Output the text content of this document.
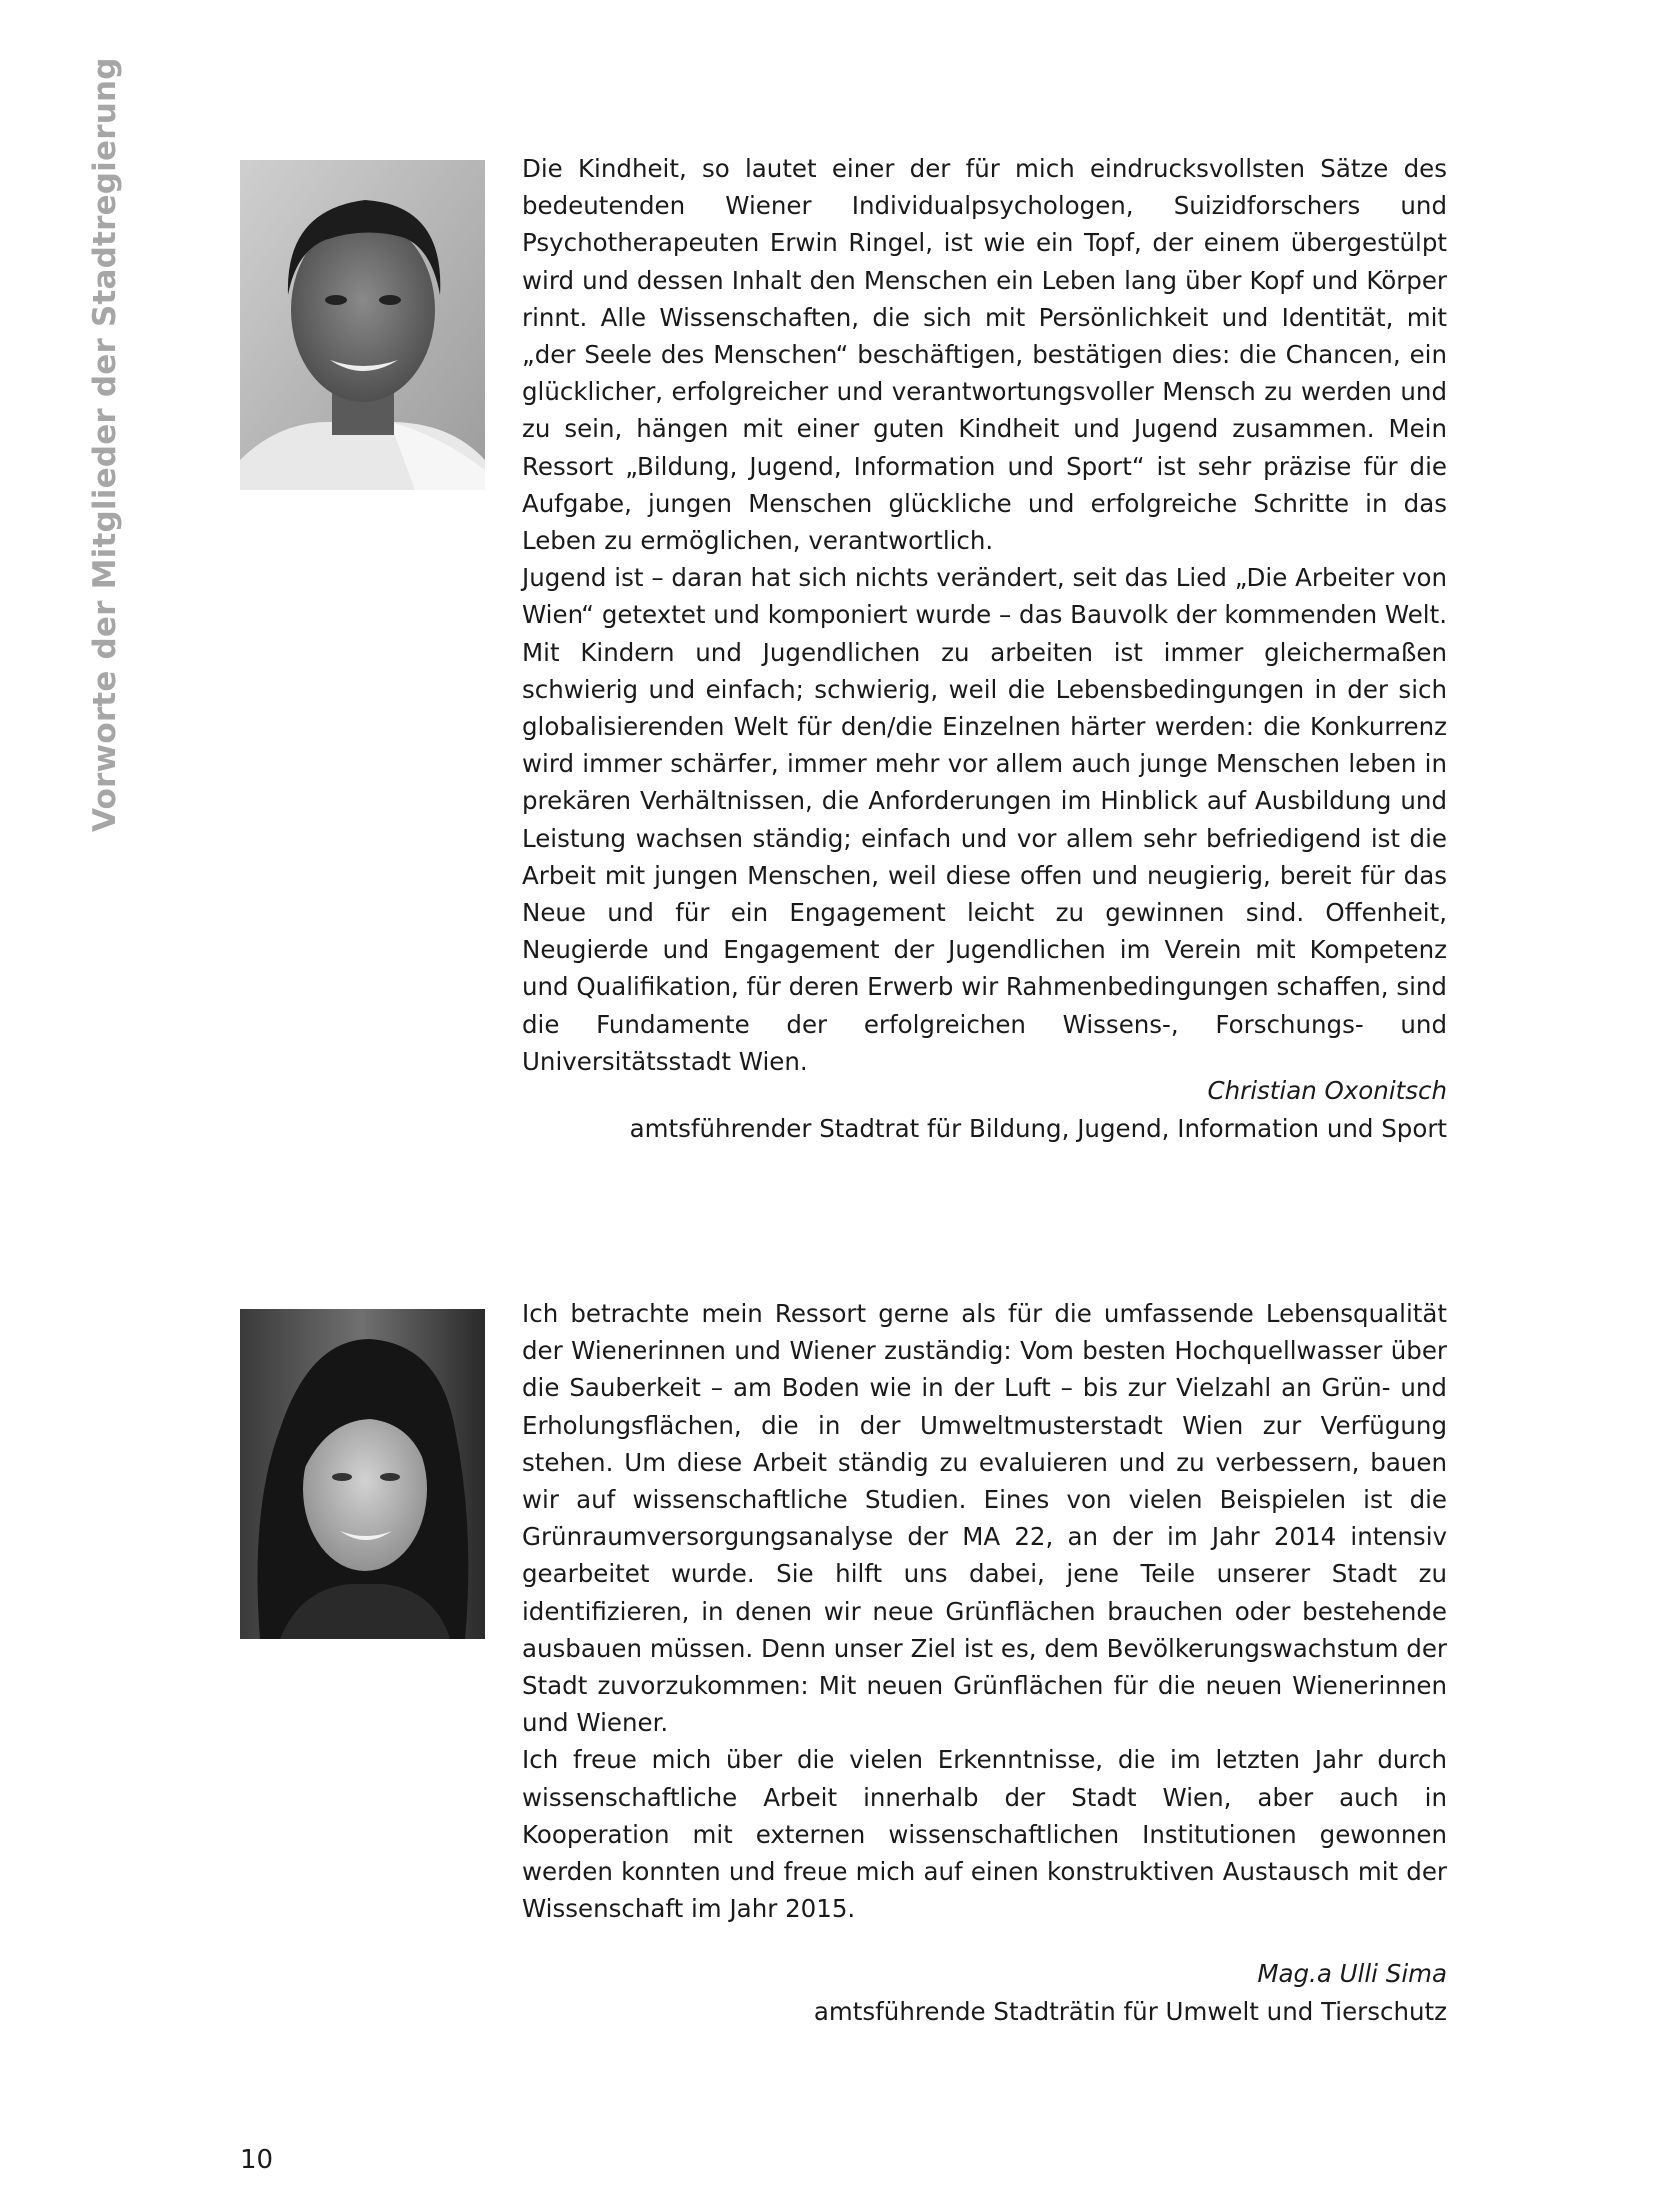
Vorworte der Mitglieder der Stadtregierung	Die Kindheit, so lautet einer der für mich eindrucksvollsten Sätze des bedeutenden Wiener Individualpsychologen, Suizidforschers und Psychotherapeuten Erwin Ringel, ist wie ein Topf, der einem übergestülpt wird und dessen Inhalt den Menschen ein Leben lang über Kopf und Körper rinnt. Alle Wissenschaften, die sich mit Persönlichkeit und Identität, mit „der Seele des Menschen“ beschäftigen, bestätigen dies: die Chancen, ein glücklicher, erfolgreicher und verantwortungsvoller Mensch zu werden und zu sein, hängen mit einer guten Kindheit und Jugend zusammen. Mein Ressort „Bildung, Jugend, Information und Sport“ ist sehr präzise für die Aufgabe, jungen Menschen glückliche und erfolgreiche Schritte in das Leben zu ermöglichen, verantwortlich.

Jugend ist – daran hat sich nichts verändert, seit das Lied „Die Arbeiter von Wien“ getextet und komponiert wurde – das Bauvolk der kommenden Welt. Mit Kindern und Jugendlichen zu arbeiten ist immer gleichermaßen schwierig und einfach; schwierig, weil die Lebensbedingungen in der sich globalisierenden Welt für den/die Einzelnen härter werden: die Konkurrenz wird immer schärfer, immer mehr vor allem auch junge Menschen leben in prekären Verhältnissen, die Anforderungen im Hinblick auf Ausbildung und Leistung wachsen ständig; einfach und vor allem sehr befriedigend ist die Arbeit mit jungen Menschen, weil diese offen und neugierig, bereit für das Neue und für ein Engagement leicht zu gewinnen sind. Offenheit, Neugierde und Engagement der Jugendlichen im Verein mit Kompetenz und Qualifikation, für deren Erwerb wir Rahmenbedingungen schaffen, sind die Fundamente der erfolgreichen Wissens-, Forschungs- und Universitätsstadt Wien.

Christian Oxonitsch
amtsführender Stadtrat für Bildung, Jugend, Information und Sport

Ich betrachte mein Ressort gerne als für die umfassende Lebensqualität der Wienerinnen und Wiener zuständig: Vom besten Hochquellwasser über die Sauberkeit – am Boden wie in der Luft – bis zur Vielzahl an Grün- und Erholungsflächen, die in der Umweltmusterstadt Wien zur Verfügung stehen. Um diese Arbeit ständig zu evaluieren und zu verbessern, bauen wir auf wissenschaftliche Studien. Eines von vielen Beispielen ist die Grünraumversorgungsanalyse der MA 22, an der im Jahr 2014 intensiv gearbeitet wurde. Sie hilft uns dabei, jene Teile unserer Stadt zu identifizieren, in denen wir neue Grünflächen brauchen oder bestehende ausbauen müssen. Denn unser Ziel ist es, dem Bevölkerungswachstum der Stadt zuvorzukommen: Mit neuen Grünflächen für die neuen Wienerinnen und Wiener.

Ich freue mich über die vielen Erkenntnisse, die im letzten Jahr durch wissenschaftliche Arbeit innerhalb der Stadt Wien, aber auch in Kooperation mit externen wissenschaftlichen Institutionen gewonnen werden konnten und freue mich auf einen konstruktiven Austausch mit der Wissenschaft im Jahr 2015.

Mag.a Ulli Sima
amtsführende Stadträtin für Umwelt und Tierschutz
10
